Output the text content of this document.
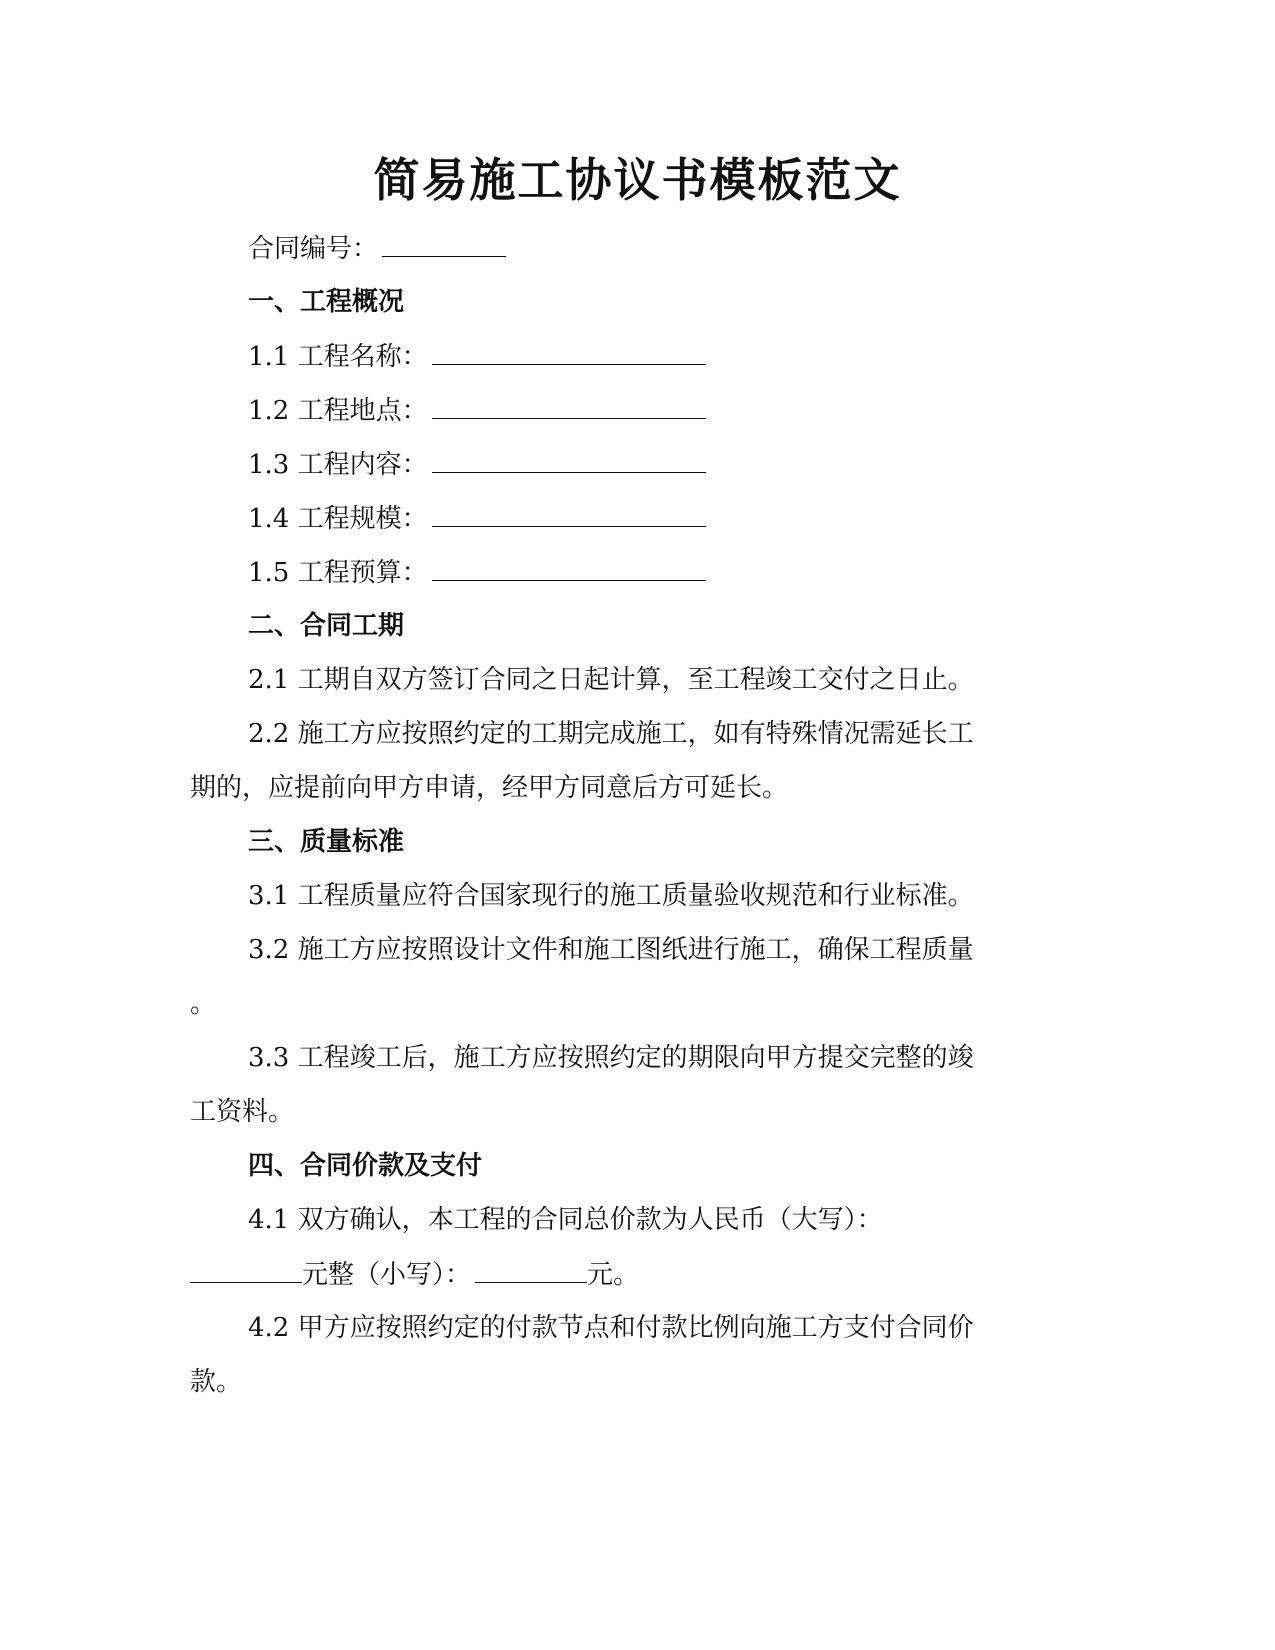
简易施工协议书模板范文
合同编号：
一、工程概况
1.1 工程名称：
1.2 工程地点：
1.3 工程内容：
1.4 工程规模：
1.5 工程预算：
二、合同工期
2.1 工期自双方签订合同之日起计算，至工程竣工交付之日止。
2.2 施工方应按照约定的工期完成施工，如有特殊情况需延长工
期的，应提前向甲方申请，经甲方同意后方可延长。
三、质量标准
3.1 工程质量应符合国家现行的施工质量验收规范和行业标准。
3.2 施工方应按照设计文件和施工图纸进行施工，确保工程质量
。
3.3 工程竣工后，施工方应按照约定的期限向甲方提交完整的竣
工资料。
四、合同价款及支付
4.1 双方确认，本工程的合同总价款为人民币（大写）：
元整（小写）：	元。
4.2 甲方应按照约定的付款节点和付款比例向施工方支付合同价
款。
